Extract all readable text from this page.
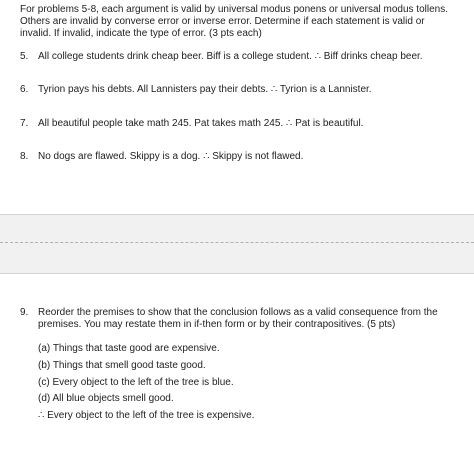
For problems 5-8, each argument is valid by universal modus ponens or universal modus tollens.
Others are invalid by converse error or inverse error. Determine if each statement is valid or
invalid. If invalid, indicate the type of error. (3 pts each)
5. All college students drink cheap beer. Biff is a college student. ∴ Biff drinks cheap beer.
6. Tyrion pays his debts. All Lannisters pay their debts. ∴ Tyrion is a Lannister.
7. All beautiful people take math 245. Pat takes math 245. ∴ Pat is beautiful.
8. No dogs are flawed. Skippy is a dog. ∴ Skippy is not flawed.
9. Reorder the premises to show that the conclusion follows as a valid consequence from the
premises. You may restate them in if-then form or by their contrapositives. (5 pts)
(a) Things that taste good are expensive.
(b) Things that smell good taste good.
(c) Every object to the left of the tree is blue.
(d) All blue objects smell good.
∴ Every object to the left of the tree is expensive.
